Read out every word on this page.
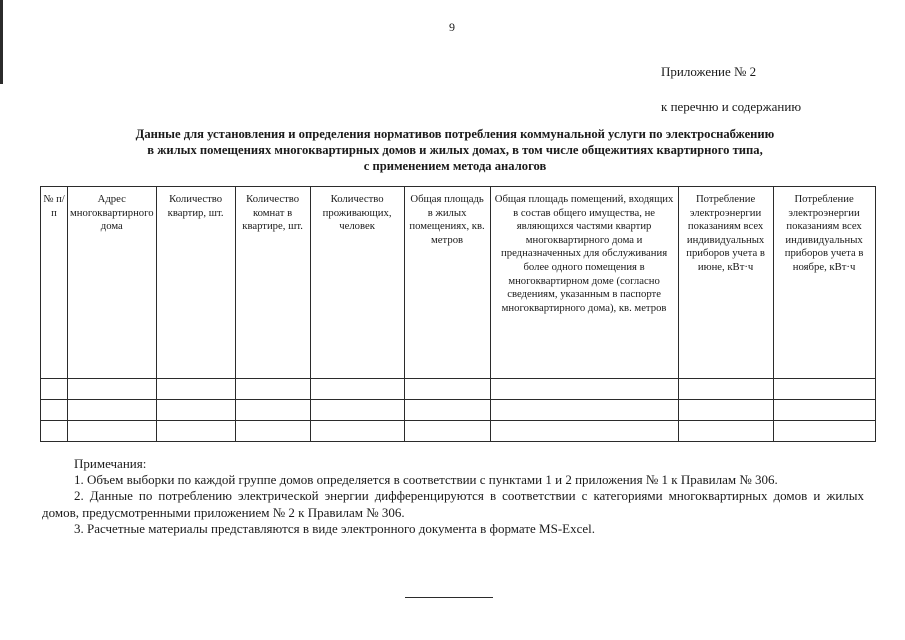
9
Приложение № 2
к перечню и содержанию
Данные для установления и определения нормативов потребления коммунальной услуги по электроснабжению
в жилых помещениях многоквартирных домов и жилых домах, в том числе общежитиях квартирного типа,
с применением метода аналогов
№ п/п	Адрес многоквартирного дома	Количество квартир, шт.	Количество комнат в квартире, шт.	Количество проживающих, человек	Общая площадь в жилых помещениях, кв. метров	Общая площадь помещений, входящих в состав общего имущества, не являющихся частями квартир многоквартирного дома и предназначенных для обслуживания более одного помещения в многоквартирном доме (согласно сведениям, указанным в паспорте многоквартирного дома), кв. метров	Потребление электроэнергии показаниям всех индивидуальных приборов учета в июне, кВт·ч	Потребление электроэнергии показаниям всех индивидуальных приборов учета в ноябре, кВт·ч

Примечания:
1. Объем выборки по каждой группе домов определяется в соответствии с пунктами 1 и 2 приложения № 1 к Правилам № 306.
2. Данные по потреблению электрической энергии дифференцируются в соответствии с категориями многоквартирных домов и жилых домов, предусмотренными приложением № 2 к Правилам № 306.
3. Расчетные материалы представляются в виде электронного документа в формате MS-Excel.
